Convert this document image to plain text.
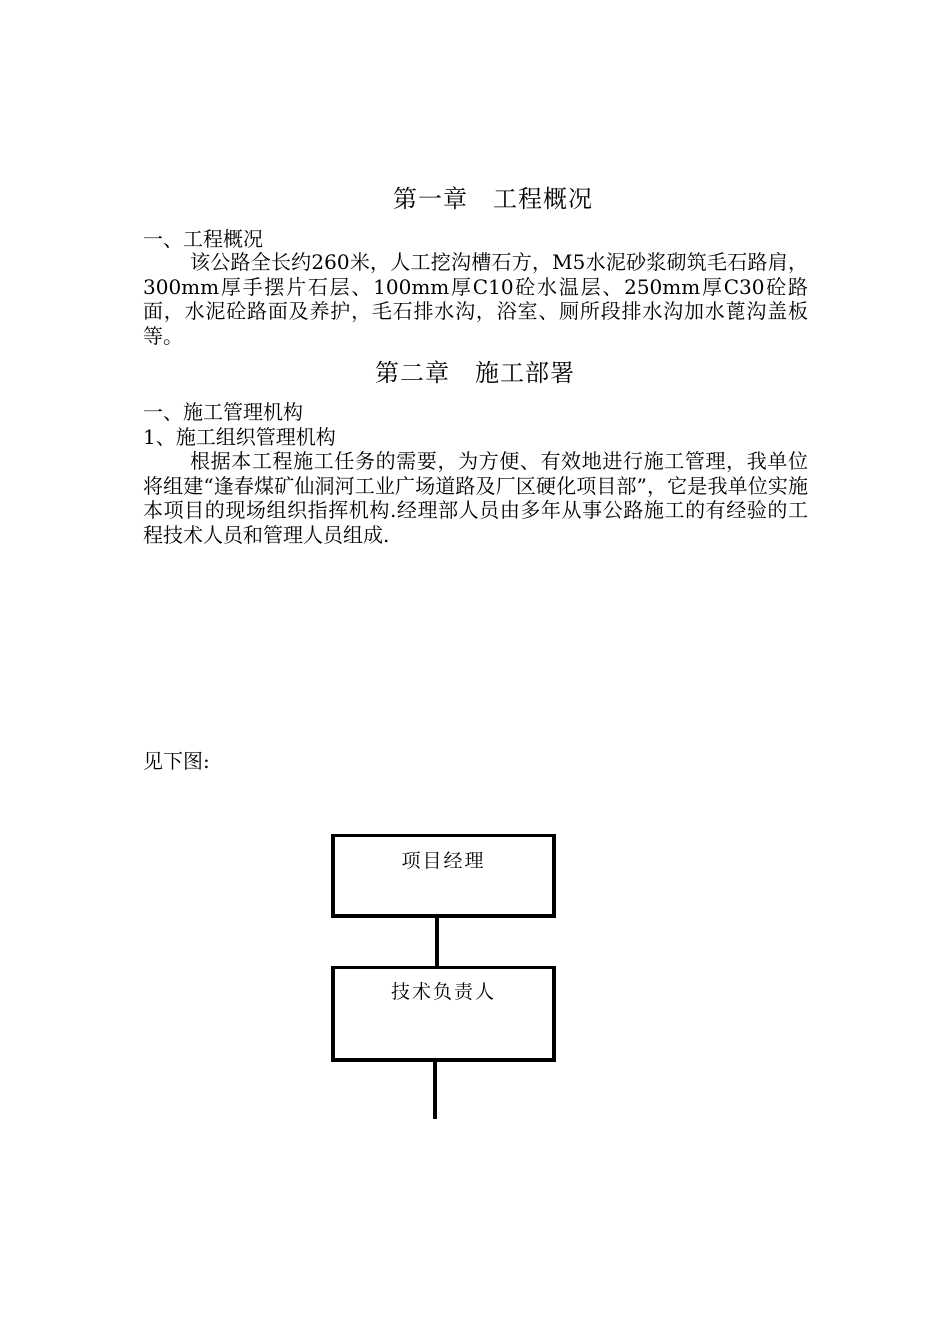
第一章　工程概况
一、工程概况
该公路全长约260米，人工挖沟槽石方，M5水泥砂浆砌筑毛石路肩，300mm厚手摆片石层、100mm厚C10砼水温层、250mm厚C30砼路面，水泥砼路面及养护，毛石排水沟，浴室、厕所段排水沟加水蓖沟盖板等。
第二章　施工部署
一、施工管理机构
1、施工组织管理机构
根据本工程施工任务的需要，为方便、有效地进行施工管理，我单位将组建“逢春煤矿仙洞河工业广场道路及厂区硬化项目部”，它是我单位实施本项目的现场组织指挥机构.经理部人员由多年从事公路施工的有经验的工程技术人员和管理人员组成.
见下图:
项目经理
技术负责人
